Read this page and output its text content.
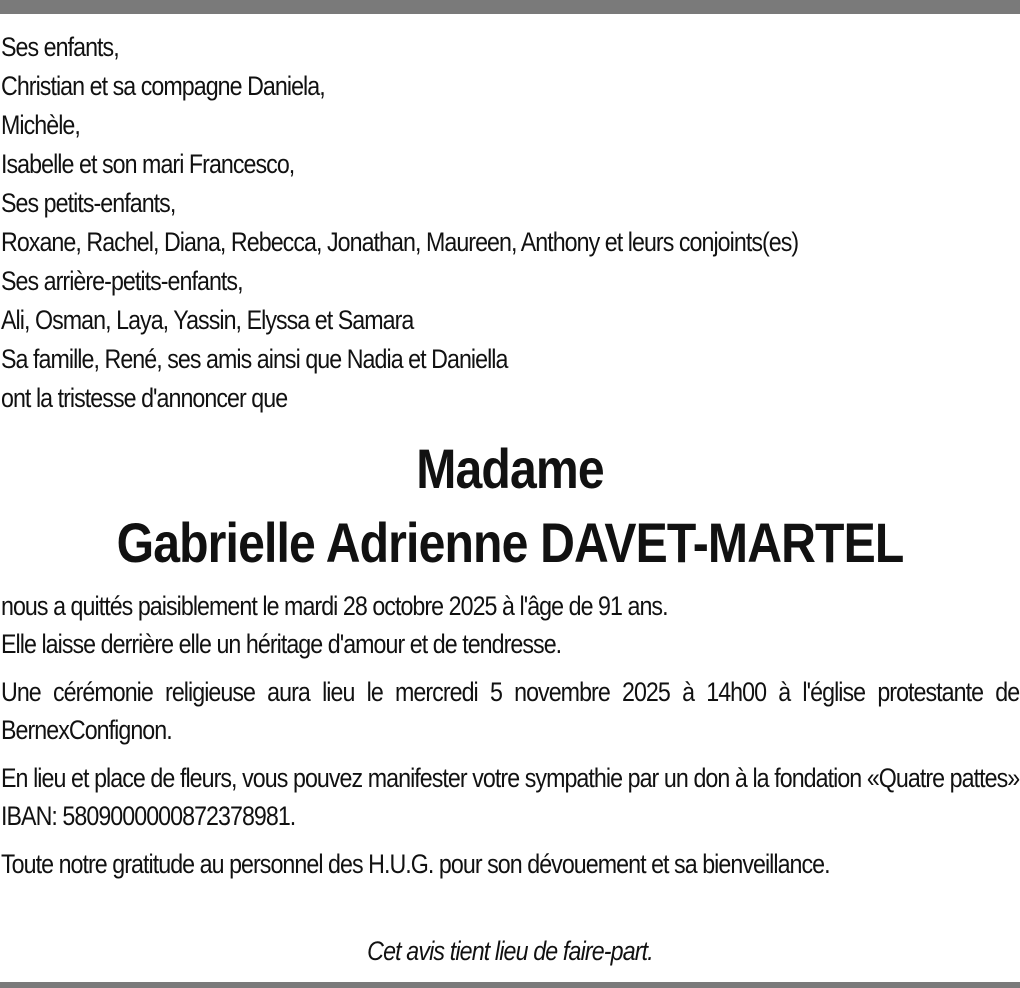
Ses enfants,
Christian et sa compagne Daniela,
Michèle,
Isabelle et son mari Francesco,
Ses petits-enfants,
Roxane, Rachel, Diana, Rebecca, Jonathan, Maureen, Anthony et leurs conjoints(es)
Ses arrière-petits-enfants,
Ali, Osman, Laya, Yassin, Elyssa et Samara
Sa famille, René, ses amis ainsi que Nadia et Daniella
ont la tristesse d'annoncer que
Madame
Gabrielle Adrienne DAVET-MARTEL

nous a quittés paisiblement le mardi 28 octobre 2025 à l'âge de 91 ans.

Elle laisse derrière elle un héritage d'amour et de tendresse.

Une cérémonie religieuse aura lieu le mercredi 5 novembre 2025 à 14h00 à l'église protestante de BernexConfignon.

En lieu et place de fleurs, vous pouvez manifester votre sympathie par un don à la fondation «Quatre pattes» IBAN: 5809000000872378981.

Toute notre gratitude au personnel des H.U.G. pour son dévouement et sa bienveillance.

Cet avis tient lieu de faire-part.
